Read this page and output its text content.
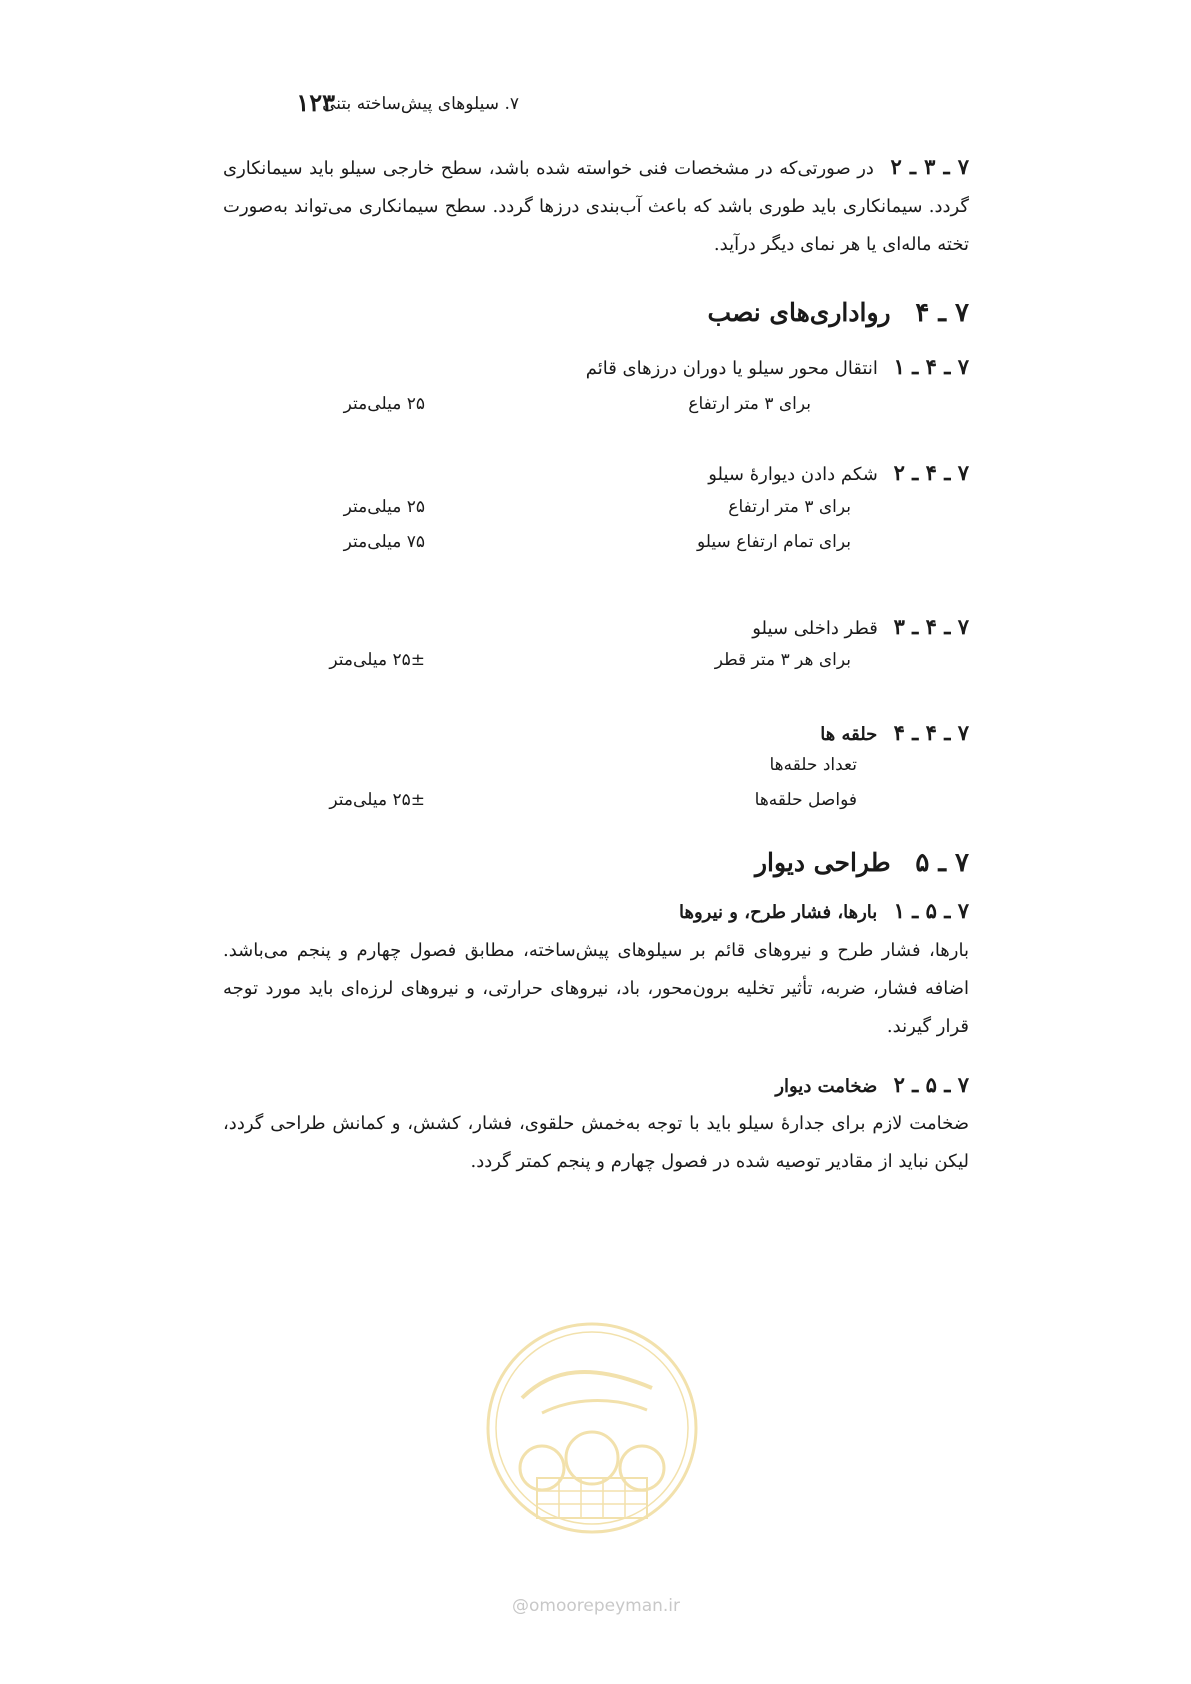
۷. سیلوهای پیش‌ساخته بتنی
۱۲۳
۷ ـ ۳ ـ ۲ در صورتی‌که در مشخصات فنی خواسته شده باشد، سطح خارجی سیلو باید سیمانکاری گردد. سیمانکاری باید طوری باشد که باعث آب‌بندی درزها گردد. سطح سیمانکاری می‌تواند به‌صورت تخته ماله‌ای یا هر نمای دیگر درآید.
۷ ـ ۴ رواداری‌های نصب
۷ ـ ۴ ـ ۱ انتقال محور سیلو یا دوران درزهای قائم
برای ۳ متر ارتفاع
۲۵ میلی‌متر
۷ ـ ۴ ـ ۲ شکم دادن دیوارهٔ سیلو
برای ۳ متر ارتفاع
۲۵ میلی‌متر
برای تمام ارتفاع سیلو
۷۵ میلی‌متر
۷ ـ ۴ ـ ۳ قطر داخلی سیلو
برای هر ۳ متر قطر
۲۵± میلی‌متر
۷ ـ ۴ ـ ۴ حلقه ها
تعداد حلقه‌ها
فواصل حلقه‌ها
۲۵± میلی‌متر
۷ ـ ۵ طراحی دیوار
۷ ـ ۵ ـ ۱ بارها، فشار طرح، و نیروها
بارها، فشار طرح و نیروهای قائم بر سیلوهای پیش‌ساخته، مطابق فصول چهارم و پنجم می‌باشد. اضافه فشار، ضربه، تأثیر تخلیه برون‌محور، باد، نیروهای حرارتی، و نیروهای لرزه‌ای باید مورد توجه قرار گیرند.
۷ ـ ۵ ـ ۲ ضخامت دیوار
ضخامت لازم برای جدارهٔ سیلو باید با توجه به‌خمش حلقوی، فشار، کشش، و کمانش طراحی گردد، لیکن نباید از مقادیر توصیه شده در فصول چهارم و پنجم کمتر گردد.
@omoorepeyman.ir
